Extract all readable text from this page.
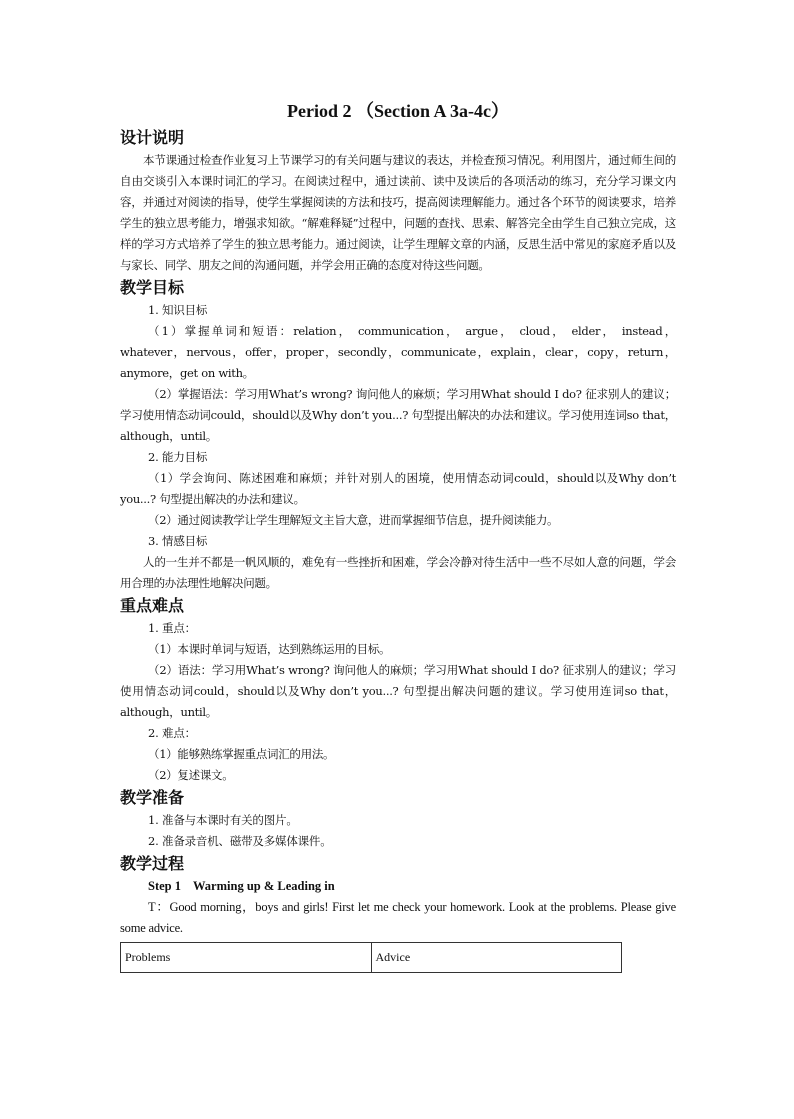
Period 2 （Section A 3a-4c）
设计说明

本节课通过检查作业复习上节课学习的有关问题与建议的表达，并检查预习情况。利用图片，通过师生间的自由交谈引入本课时词汇的学习。在阅读过程中，通过读前、读中及读后的各项活动的练习，充分学习课文内容，并通过对阅读的指导，使学生掌握阅读的方法和技巧，提高阅读理解能力。通过各个环节的阅读要求，培养学生的独立思考能力，增强求知欲。“解难释疑”过程中，问题的查找、思索、解答完全由学生自己独立完成，这样的学习方式培养了学生的独立思考能力。通过阅读，让学生理解文章的内涵，反思生活中常见的家庭矛盾以及与家长、同学、朋友之间的沟通问题，并学会用正确的态度对待这些问题。

教学目标

1. 知识目标

（1）掌握单词和短语：relation， communication， argue， cloud， elder， instead， whatever，nervous，offer，proper，secondly，communicate，explain，clear，copy，return，anymore，get on with。

（2）掌握语法：学习用What’s wrong? 询问他人的麻烦；学习用What should I do? 征求别人的建议；学习使用情态动词could，should以及Why don’t you...? 句型提出解决的办法和建议。学习使用连词so that，although，until。

2. 能力目标

（1）学会询问、陈述困难和麻烦；并针对别人的困境，使用情态动词could，should以及Why don’t you...? 句型提出解决的办法和建议。

（2）通过阅读教学让学生理解短文主旨大意，进而掌握细节信息，提升阅读能力。

3. 情感目标

人的一生并不都是一帆风顺的，难免有一些挫折和困难，学会冷静对待生活中一些不尽如人意的问题，学会用合理的办法理性地解决问题。

重点难点

1. 重点：

（1）本课时单词与短语，达到熟练运用的目标。

（2）语法：学习用What’s wrong? 询问他人的麻烦；学习用What should I do? 征求别人的建议；学习使用情态动词could，should以及Why don’t you...? 句型提出解决问题的建议。学习使用连词so that，although，until。

2. 难点：

（1）能够熟练掌握重点词汇的用法。

（2）复述课文。

教学准备

1. 准备与本课时有关的图片。

2. 准备录音机、磁带及多媒体课件。

教学过程

Step 1 Warming up & Leading in

T：Good morning，boys and girls! First let me check your homework. Look at the problems. Please give some advice.

Problems	Advice
